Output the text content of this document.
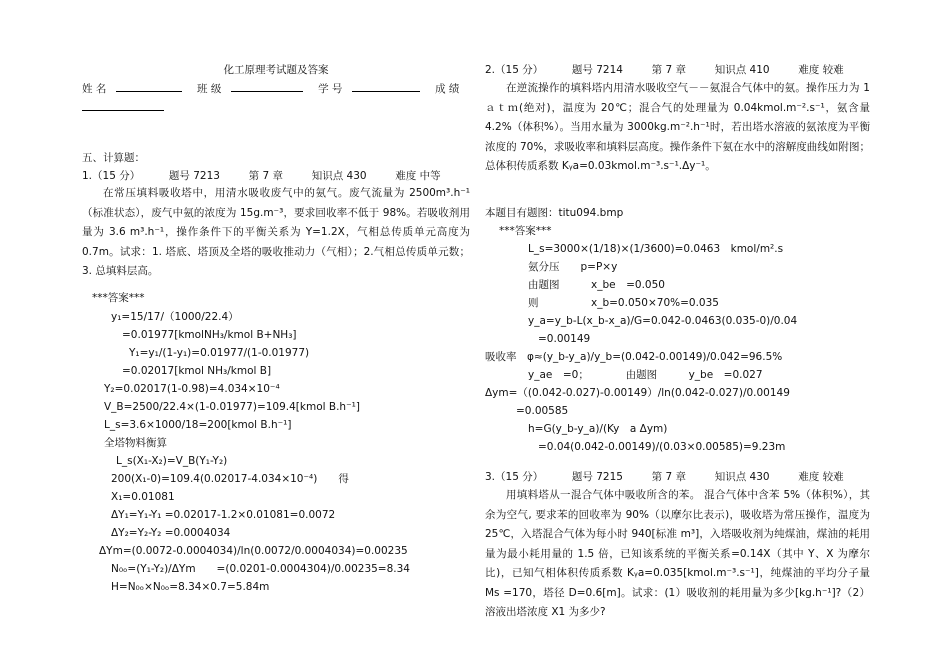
化工原理考试题及答案
姓 名	班 级	学 号	成 绩
五、计算题：
1.（15 分）	题号 7213	第 7 章	知识点 430	难度 中等
在常压填料吸收塔中，用清水吸收废气中的氨气。废气流量为 2500m³.h⁻¹（标准状态），废气中氨的浓度为 15g.m⁻³，要求回收率不低于 98%。若吸收剂用量为 3.6 m³.h⁻¹，操作条件下的平衡关系为 Y=1.2X，气相总传质单元高度为 0.7m。试求：1. 塔底、塔顶及全塔的吸收推动力（气相）；2.气相总传质单元数；3. 总填料层高。
***答案***
y₁=15/17/（1000/22.4）
=0.01977[kmolNH₃/kmol B+NH₃]
Y₁=y₁/(1-y₁)=0.01977/(1-0.01977)
=0.02017[kmol NH₃/kmol B]
Y₂=0.02017(1-0.98)=4.034×10⁻⁴
V_B=2500/22.4×(1-0.01977)=109.4[kmol B.h⁻¹]
L_s=3.6×1000/18=200[kmol B.h⁻¹]
全塔物料衡算
L_s(X₁-X₂)=V_B(Y₁-Y₂)
200(X₁-0)=109.4(0.02017-4.034×10⁻⁴)　　得
X₁=0.01081
ΔY₁=Y₁-Y₁ =0.02017-1.2×0.01081=0.0072
ΔY₂=Y₂-Y₂ =0.0004034
ΔYm=(0.0072-0.0004034)/ln(0.0072/0.0004034)=0.00235
N₀ₒ=(Y₁-Y₂)/ΔYm　　=(0.0201-0.0004304)/0.00235=8.34
H=N₀ₒ×N₀ₒ=8.34×0.7=5.84m
2.（15 分）	题号 7214	第 7 章	知识点 410	难度 较难
在逆流操作的填料塔内用清水吸收空气－－氨混合气体中的氨。操作压力为 1ａｔｍ(绝对)，温度为 20℃；混合气的处理量为 0.04kmol.m⁻².s⁻¹，氨含量 4.2%（体积%）。当用水量为 3000kg.m⁻².h⁻¹时，若出塔水溶液的氨浓度为平衡浓度的 70%，求吸收率和填料层高度。操作条件下氨在水中的溶解度曲线如附图；总体积传质系数 Kᵧa=0.03kmol.m⁻³.s⁻¹.Δy⁻¹。
本题目有题图：titu094.bmp
***答案***
L_s=3000×(1/18)×(1/3600)=0.0463　kmol/m².s
氨分压　　p=P×y
由题图　　　x_be　=0.050
则　　　　　x_b=0.050×70%=0.035
y_a=y_b-L(x_b-x_a)/G=0.042-0.0463(0.035-0)/0.04
=0.00149
吸收率　φ≈(y_b-y_a)/y_b=(0.042-0.00149)/0.042=96.5%
y_ae　=0；　　　　由题图　　　y_be　=0.027
Δym=（(0.042-0.027)-0.00149）/ln(0.042-0.027)/0.00149
=0.00585
h=G(y_b-y_a)/(Ky　a Δym)
=0.04(0.042-0.00149)/(0.03×0.00585)=9.23m
3.（15 分）	题号 7215	第 7 章	知识点 430	难度 较难
用填料塔从一混合气体中吸收所含的苯。 混合气体中含苯 5%（体积%），其余为空气, 要求苯的回收率为 90%（以摩尔比表示)，吸收塔为常压操作，温度为 25℃，入塔混合气体为每小时 940[标准 m³]，入塔吸收剂为纯煤油，煤油的耗用量为最小耗用量的 1.5 倍，已知该系统的平衡关系=0.14X（其中 Y、X 为摩尔比)，已知气相体积传质系数 Kᵧa=0.035[kmol.m⁻³.s⁻¹]，纯煤油的平均分子量 Ms =170，塔径 D=0.6[m]。试求：(1）吸收剂的耗用量为多少[kg.h⁻¹]?（2）溶液出塔浓度 X1 为多少?
